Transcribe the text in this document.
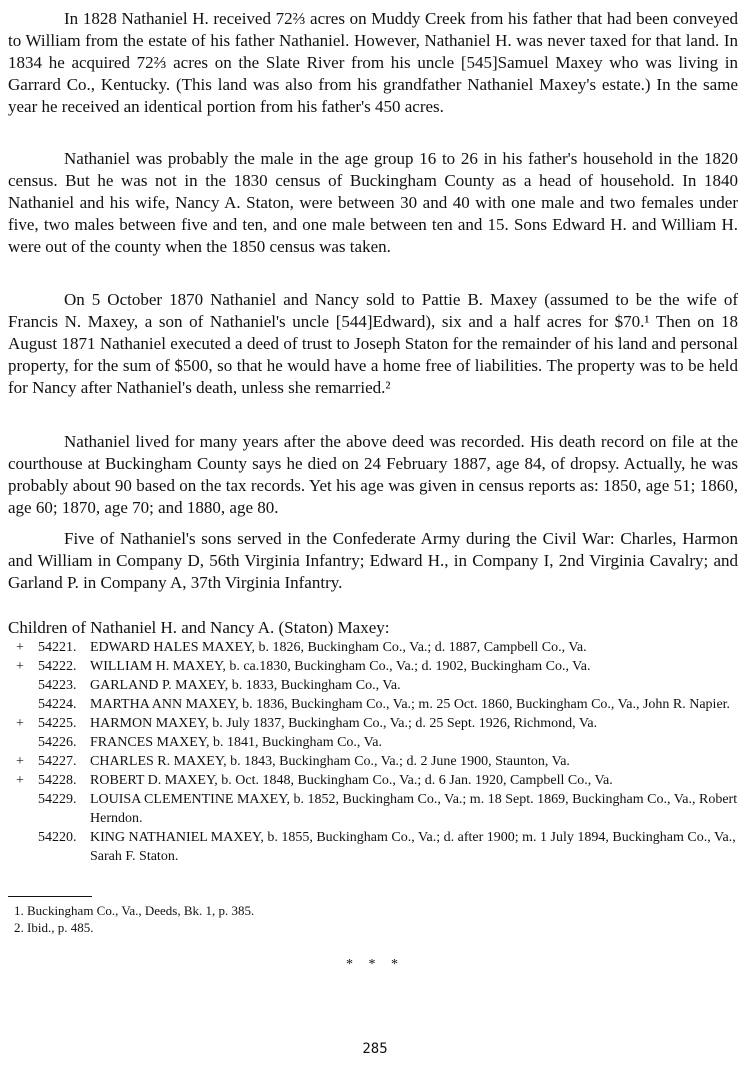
In 1828 Nathaniel H. received 72⅔ acres on Muddy Creek from his father that had been conveyed to William from the estate of his father Nathaniel. However, Nathaniel H. was never taxed for that land. In 1834 he acquired 72⅔ acres on the Slate River from his uncle [545]Samuel Maxey who was living in Garrard Co., Kentucky. (This land was also from his grandfather Nathaniel Maxey's estate.) In the same year he received an identical portion from his father's 450 acres.

Nathaniel was probably the male in the age group 16 to 26 in his father's household in the 1820 census. But he was not in the 1830 census of Buckingham County as a head of household. In 1840 Nathaniel and his wife, Nancy A. Staton, were between 30 and 40 with one male and two females under five, two males between five and ten, and one male between ten and 15. Sons Edward H. and William H. were out of the county when the 1850 census was taken.

On 5 October 1870 Nathaniel and Nancy sold to Pattie B. Maxey (assumed to be the wife of Francis N. Maxey, a son of Nathaniel's uncle [544]Edward), six and a half acres for $70.¹ Then on 18 August 1871 Nathaniel executed a deed of trust to Joseph Staton for the remainder of his land and personal property, for the sum of $500, so that he would have a home free of liabilities. The property was to be held for Nancy after Nathaniel's death, unless she remarried.²

Nathaniel lived for many years after the above deed was recorded. His death record on file at the courthouse at Buckingham County says he died on 24 February 1887, age 84, of dropsy. Actually, he was probably about 90 based on the tax records. Yet his age was given in census reports as: 1850, age 51; 1860, age 60; 1870, age 70; and 1880, age 80.

Five of Nathaniel's sons served in the Confederate Army during the Civil War: Charles, Harmon and William in Company D, 56th Virginia Infantry; Edward H., in Company I, 2nd Virginia Cavalry; and Garland P. in Company A, 37th Virginia Infantry.

Children of Nathaniel H. and Nancy A. (Staton) Maxey:

+	54221. EDWARD HALES MAXEY, b. 1826, Buckingham Co., Va.; d. 1887, Campbell Co., Va.

+	54222. WILLIAM H. MAXEY, b. ca.1830, Buckingham Co., Va.; d. 1902, Buckingham Co., Va.

54223. GARLAND P. MAXEY, b. 1833, Buckingham Co., Va.

54224. MARTHA ANN MAXEY, b. 1836, Buckingham Co., Va.; m. 25 Oct. 1860, Buckingham Co., Va., John R. Napier.

+	54225. HARMON MAXEY, b. July 1837, Buckingham Co., Va.; d. 25 Sept. 1926, Richmond, Va.

54226. FRANCES MAXEY, b. 1841, Buckingham Co., Va.

+	54227. CHARLES R. MAXEY, b. 1843, Buckingham Co., Va.; d. 2 June 1900, Staunton, Va.

+	54228. ROBERT D. MAXEY, b. Oct. 1848, Buckingham Co., Va.; d. 6 Jan. 1920, Campbell Co., Va.

54229. LOUISA CLEMENTINE MAXEY, b. 1852, Buckingham Co., Va.; m. 18 Sept. 1869, Buckingham Co., Va., Robert Herndon.

54220. KING NATHANIEL MAXEY, b. 1855, Buckingham Co., Va.; d. after 1900; m. 1 July 1894, Buckingham Co., Va., Sarah F. Staton.

1. Buckingham Co., Va., Deeds, Bk. 1, p. 385.

2. Ibid., p. 485.

* * *
285
